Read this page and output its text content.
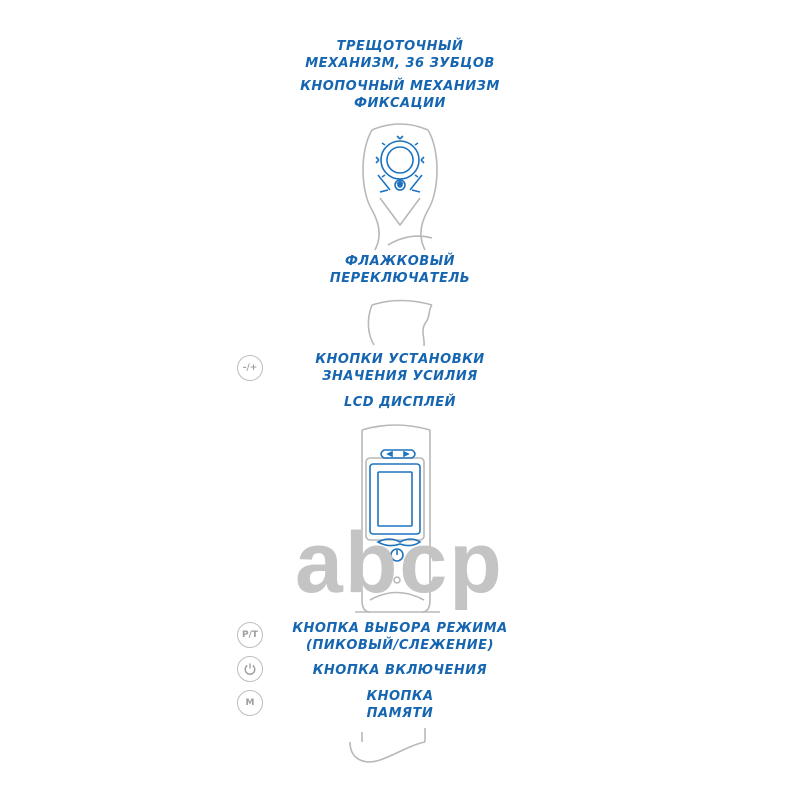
abcp
ТРЕЩОТОЧНЫЙ
МЕХАНИЗМ, 36 ЗУБЦОВ
КНОПОЧНЫЙ МЕХАНИЗМ
ФИКСАЦИИ
ФЛАЖКОВЫЙ
ПЕРЕКЛЮЧАТЕЛЬ
КНОПКИ УСТАНОВКИ
ЗНАЧЕНИЯ УСИЛИЯ
LCD ДИСПЛЕЙ
КНОПКА ВЫБОРА РЕЖИМА
(ПИКОВЫЙ/СЛЕЖЕНИЕ)
КНОПКА ВКЛЮЧЕНИЯ
КНОПКА
ПАМЯТИ
-/+
P/T
M
